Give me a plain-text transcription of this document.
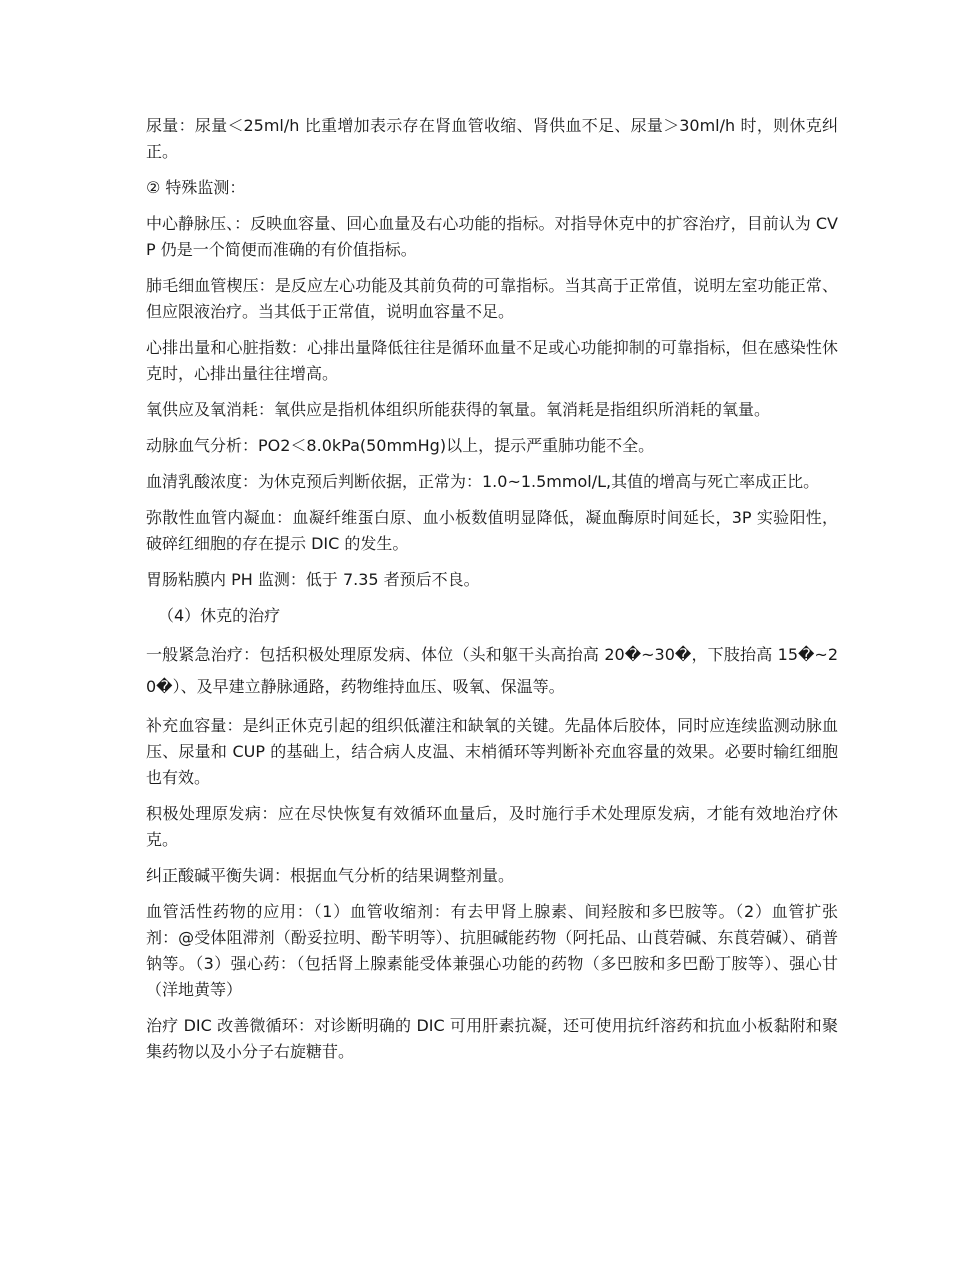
尿量：尿量＜25ml/h 比重增加表示存在肾血管收缩、肾供血不足、尿量＞30ml/h 时，则休克纠正。

② 特殊监测：

中心静脉压、：反映血容量、回心血量及右心功能的指标。对指导休克中的扩容治疗，目前认为 CVP 仍是一个简便而准确的有价值指标。

肺毛细血管楔压：是反应左心功能及其前负荷的可靠指标。当其高于正常值，说明左室功能正常、但应限液治疗。当其低于正常值，说明血容量不足。

心排出量和心脏指数：心排出量降低往往是循环血量不足或心功能抑制的可靠指标，但在感染性休克时，心排出量往往增高。

氧供应及氧消耗：氧供应是指机体组织所能获得的氧量。氧消耗是指组织所消耗的氧量。

动脉血气分析：PO2＜8.0kPa(50mmHg)以上，提示严重肺功能不全。

血清乳酸浓度：为休克预后判断依据，正常为：1.0~1.5mmol/L,其值的增高与死亡率成正比。

弥散性血管内凝血：血凝纤维蛋白原、血小板数值明显降低，凝血酶原时间延长，3P 实验阳性，破碎红细胞的存在提示 DIC 的发生。

胃肠粘膜内 PH 监测：低于 7.35 者预后不良。

（4）休克的治疗

一般紧急治疗：包括积极处理原发病、体位（头和躯干头高抬高 20�~30�，下肢抬高 15�~20�）、及早建立静脉通路，药物维持血压、吸氧、保温等。

补充血容量：是纠正休克引起的组织低灌注和缺氧的关键。先晶体后胶体，同时应连续监测动脉血压、尿量和 CUP 的基础上，结合病人皮温、末梢循环等判断补充血容量的效果。必要时输红细胞也有效。

积极处理原发病：应在尽快恢复有效循环血量后，及时施行手术处理原发病，才能有效地治疗休克。

纠正酸碱平衡失调：根据血气分析的结果调整剂量。

血管活性药物的应用：（1）血管收缩剂：有去甲肾上腺素、间羟胺和多巴胺等。（2）血管扩张剂：@受体阻滞剂（酚妥拉明、酚苄明等）、抗胆碱能药物（阿托品、山莨菪碱、东莨菪碱）、硝普钠等。（3）强心药：（包括肾上腺素能受体兼强心功能的药物（多巴胺和多巴酚丁胺等）、强心甘（洋地黄等）

治疗 DIC 改善微循环：对诊断明确的 DIC 可用肝素抗凝，还可使用抗纤溶药和抗血小板黏附和聚集药物以及小分子右旋糖苷。
